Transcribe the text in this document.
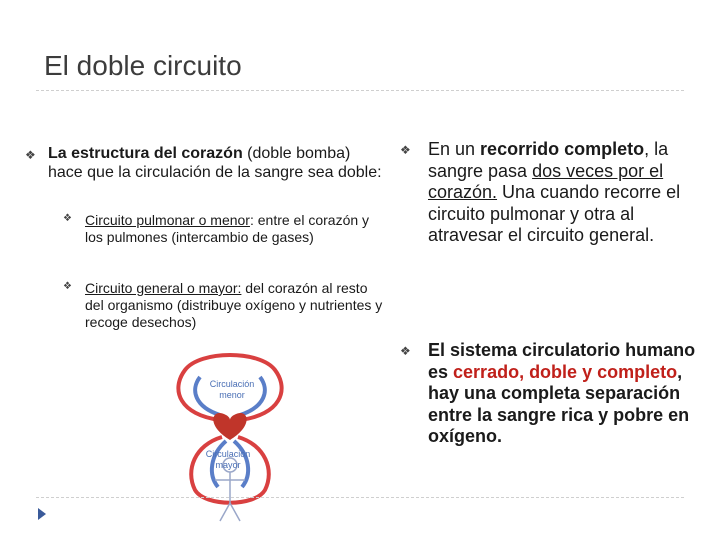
El doble circuito
❖ La estructura del corazón (doble bomba) hace que la circulación de la sangre sea doble:
❖ Circuito pulmonar o menor: entre el corazón y los pulmones (intercambio de gases)
❖ Circuito general o mayor: del corazón al resto del organismo (distribuye oxígeno y nutrientes y recoge desechos)
Circulación
menor
Circulación
mayor
❖ En un recorrido completo, la sangre pasa dos veces por el corazón. Una cuando recorre el circuito pulmonar y otra al atravesar el circuito general.
❖ El sistema circulatorio humano es cerrado, doble y completo, hay una completa separación entre la sangre rica y pobre en oxígeno.
